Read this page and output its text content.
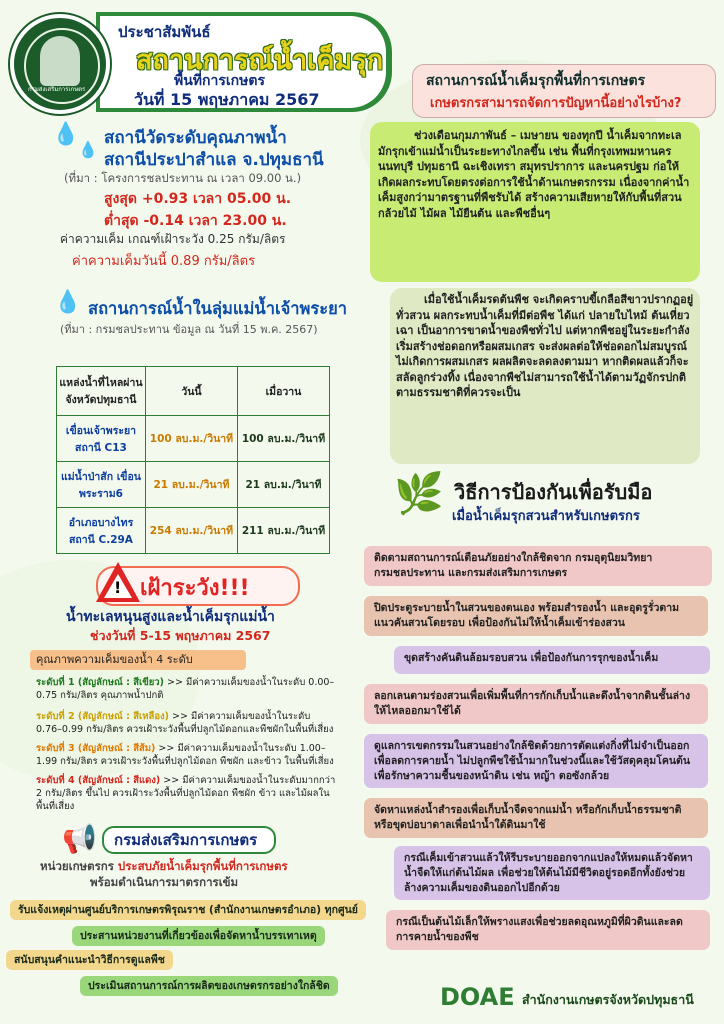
กรมส่งเสริมการเกษตร
ประชาสัมพันธ์
สถานการณ์น้ำเค็มรุก
พื้นที่การเกษตร
วันที่ 15 พฤษภาคม 2567
💧
💧
สถานีวัดระดับคุณภาพน้ำ
สถานีประปาสำแล จ.ปทุมธานี
(ที่มา : โครงการชลประทาน ณ เวลา 09.00 น.)
สูงสุด +0.93 เวลา 05.00 น.
ต่ำสุด -0.14 เวลา 23.00 น.
ค่าความเค็ม เกณฑ์เฝ้าระวัง 0.25 กรัม/ลิตร
ค่าความเค็มวันนี้ 0.89 กรัม/ลิตร
💧 สถานการณ์น้ำในลุ่มแม่น้ำเจ้าพระยา
(ที่มา : กรมชลประทาน ข้อมูล ณ วันที่ 15 พ.ค. 2567)
แหล่งน้ำที่ไหลผ่านจังหวัดปทุมธานี	วันนี้	เมื่อวาน
เขื่อนเจ้าพระยา สถานี C13	100 ลบ.ม./วินาที	100 ลบ.ม./วินาที
แม่น้ำป่าสัก เขื่อนพระราม6	21 ลบ.ม./วินาที	21 ลบ.ม./วินาที
อำเภอบางไทร สถานี C.29A	254 ลบ.ม./วินาที	211 ลบ.ม./วินาที
! เฝ้าระวัง!!!
น้ำทะเลหนุนสูงและน้ำเค็มรุกแม่น้ำ
ช่วงวันที่ 5-15 พฤษภาคม 2567
คุณภาพความเค็มของน้ำ 4 ระดับ
ระดับที่ 1 (สัญลักษณ์ : สีเขียว) >> มีค่าความเค็มของน้ำในระดับ 0.00–0.75 กรัม/ลิตร คุณภาพน้ำปกติ
ระดับที่ 2 (สัญลักษณ์ : สีเหลือง) >> มีค่าความเค็มของน้ำในระดับ 0.76–0.99 กรัม/ลิตร ควรเฝ้าระวังพื้นที่ปลูกไม้ดอกและพืชผักในพื้นที่เสี่ยง
ระดับที่ 3 (สัญลักษณ์ : สีส้ม) >> มีค่าความเค็มของน้ำในระดับ 1.00–1.99 กรัม/ลิตร ควรเฝ้าระวังพื้นที่ปลูกไม้ดอก พืชผัก และข้าว ในพื้นที่เสี่ยง
ระดับที่ 4 (สัญลักษณ์ : สีแดง) >> มีค่าความเค็มของน้ำในระดับมากกว่า 2 กรัม/ลิตร ขึ้นไป ควรเฝ้าระวังพื้นที่ปลูกไม้ดอก พืชผัก ข้าว และไม้ผลในพื้นที่เสี่ยง
📢 กรมส่งเสริมการเกษตร
หน่วยเกษตรกร ประสบภัยน้ำเค็มรุกพื้นที่การเกษตร
พร้อมดำเนินการมาตรการเข้ม
รับแจ้งเหตุผ่านศูนย์บริการเกษตรพิรุณราช (สำนักงานเกษตรอำเภอ) ทุกศูนย์
ประสานหน่วยงานที่เกี่ยวข้องเพื่อจัดหาน้ำบรรเทาเหตุ
สนับสนุนคำแนะนำวิธีการดูแลพืช
ประเมินสถานการณ์การผลิตของเกษตรกรอย่างใกล้ชิด
สถานการณ์น้ำเค็มรุกพื้นที่การเกษตร
เกษตรกรสามารถจัดการปัญหานี้อย่างไรบ้าง?
ช่วงเดือนกุมภาพันธ์ – เมษายน ของทุกปี น้ำเค็มจากทะเลมักรุกเข้าแม่น้ำเป็นระยะทางไกลขึ้น เช่น พื้นที่กรุงเทพมหานคร นนทบุรี ปทุมธานี ฉะเชิงเทรา สมุทรปราการ และนครปฐม ก่อให้เกิดผลกระทบโดยตรงต่อการใช้น้ำด้านเกษตรกรรม เนื่องจากค่าน้ำเค็มสูงกว่ามาตรฐานที่พืชรับได้ สร้างความเสียหายให้กับพื้นที่สวนกล้วยไม้ ไม้ผล ไม้ยืนต้น และพืชอื่นๆ
เมื่อใช้น้ำเค็มรดต้นพืช จะเกิดคราบขี้เกลือสีขาวปรากฏอยู่ทั่วสวน ผลกระทบน้ำเค็มที่มีต่อพืช ได้แก่ ปลายใบไหม้ ต้นเหี่ยวเฉา เป็นอาการขาดน้ำของพืชทั่วไป แต่หากพืชอยู่ในระยะกำลังเริ่มสร้างช่อดอกหรือผสมเกสร จะส่งผลต่อให้ช่อดอกไม่สมบูรณ์ ไม่เกิดการผสมเกสร ผลผลิตจะลดลงตามมา หากติดผลแล้วก็จะสลัดลูกร่วงทิ้ง เนื่องจากพืชไม่สามารถใช้น้ำได้ตามวัฏจักรปกติตามธรรมชาติที่ควรจะเป็น
🌿 วิธีการป้องกันเพื่อรับมือ
เมื่อน้ำเค็มรุกสวนสำหรับเกษตรกร
ติดตามสถานการณ์เตือนภัยอย่างใกล้ชิดจาก กรมอุตุนิยมวิทยา กรมชลประทาน และกรมส่งเสริมการเกษตร
ปิดประตูระบายน้ำในสวนของตนเอง พร้อมสำรองน้ำ และอุดรูรั่วตามแนวคันสวนโดยรอบ เพื่อป้องกันไม่ให้น้ำเค็มเข้าร่องสวน
ขุดสร้างคันดินล้อมรอบสวน เพื่อป้องกันการรุกของน้ำเค็ม
ลอกเลนตามร่องสวนเพื่อเพิ่มพื้นที่การกักเก็บน้ำและดึงน้ำจากดินชั้นล่างให้ไหลออกมาใช้ได้
ดูแลการเขตกรรมในสวนอย่างใกล้ชิดด้วยการตัดแต่งกิ่งที่ไม่จำเป็นออก เพื่อลดการคายน้ำ ไม่ปลูกพืชใช้น้ำมากในช่วงนี้และใช้วัสดุคลุมโคนต้น เพื่อรักษาความชื้นของหน้าดิน เช่น หญ้า ตอซังกล้วย
จัดหาแหล่งน้ำสำรองเพื่อเก็บน้ำจืดจากแม่น้ำ หรือกักเก็บน้ำธรรมชาติหรือขุดบ่อบาดาลเพื่อนำน้ำใต้ดินมาใช้
กรณีเค็มเข้าสวนแล้วให้รีบระบายออกจากแปลงให้หมดแล้วจัดหาน้ำจืดให้แก่ต้นไม้ผล เพื่อช่วยให้ต้นไม้มีชีวิตอยู่รอดอีกทั้งยังช่วยล้างความเค็มของดินออกไปอีกด้วย
กรณีเป็นต้นไม้เล็กให้พรางแสงเพื่อช่วยลดอุณหภูมิที่ผิวดินและลดการคายน้ำของพืช
DOAE สำนักงานเกษตรจังหวัดปทุมธานี
